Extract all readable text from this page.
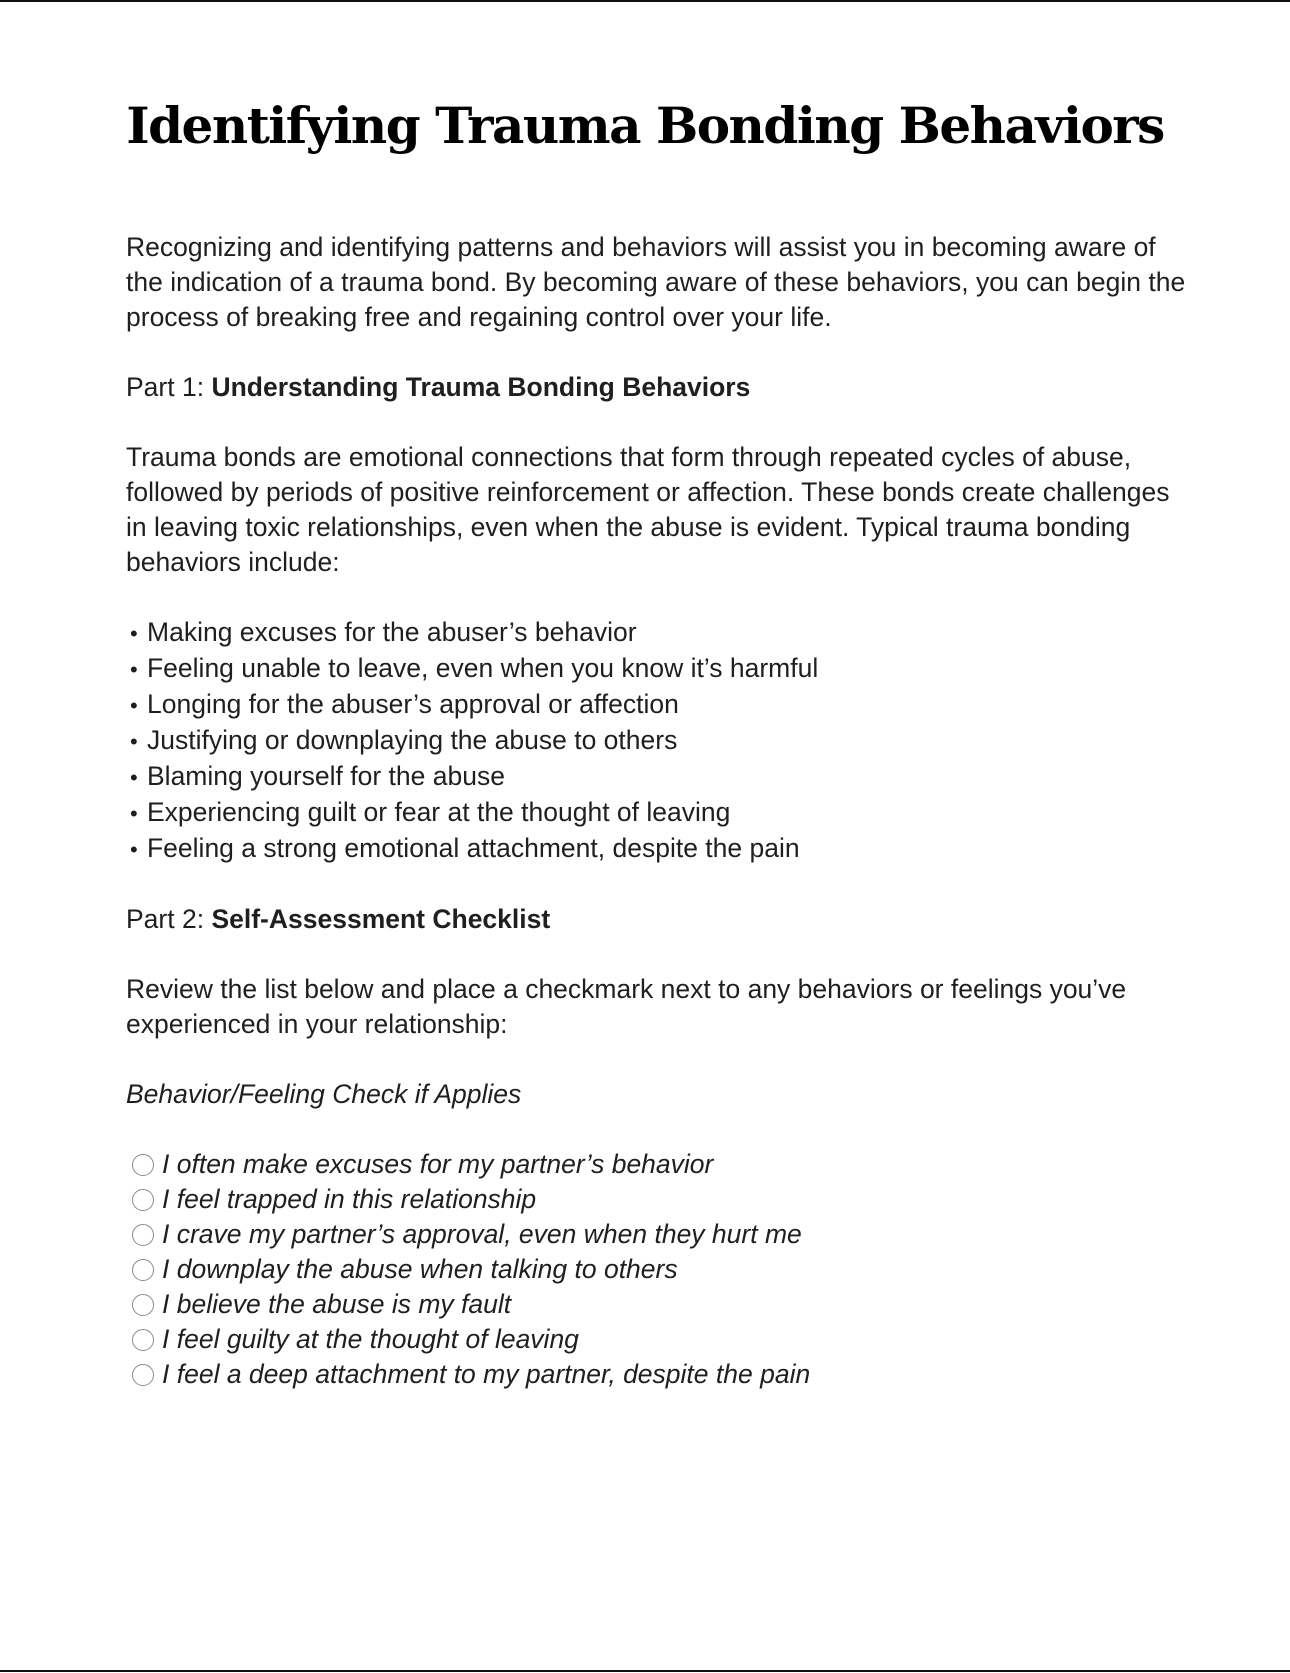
Identifying Trauma Bonding Behaviors

Recognizing and identifying patterns and behaviors will assist you in becoming aware of the indication of a trauma bond. By becoming aware of these behaviors, you can begin the process of breaking free and regaining control over your life.

Part 1: Understanding Trauma Bonding Behaviors

Trauma bonds are emotional connections that form through repeated cycles of abuse, followed by periods of positive reinforcement or affection. These bonds create challenges in leaving toxic relationships, even when the abuse is evident. Typical trauma bonding behaviors include:

• Making excuses for the abuser’s behavior
• Feeling unable to leave, even when you know it’s harmful
• Longing for the abuser’s approval or affection
• Justifying or downplaying the abuse to others
• Blaming yourself for the abuse
• Experiencing guilt or fear at the thought of leaving
• Feeling a strong emotional attachment, despite the pain

Part 2: Self-Assessment Checklist

Review the list below and place a checkmark next to any behaviors or feelings you’ve experienced in your relationship:

Behavior/Feeling Check if Applies

I often make excuses for my partner’s behavior
I feel trapped in this relationship
I crave my partner’s approval, even when they hurt me
I downplay the abuse when talking to others
I believe the abuse is my fault
I feel guilty at the thought of leaving
I feel a deep attachment to my partner, despite the pain
